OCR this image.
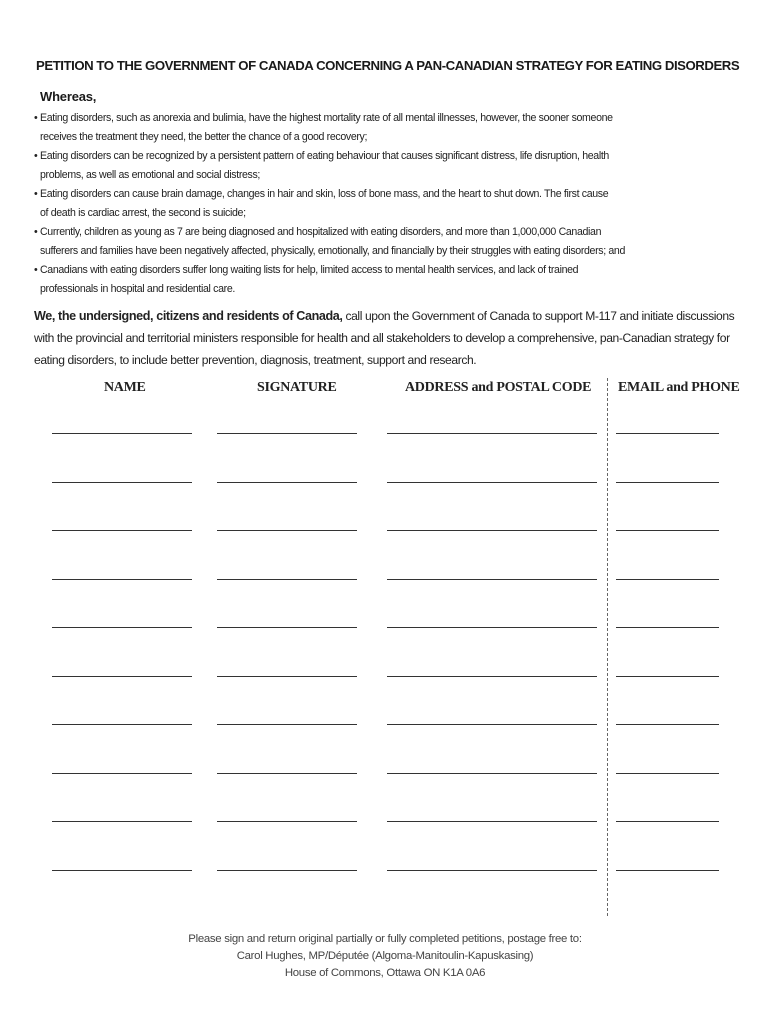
PETITION TO THE GOVERNMENT OF CANADA CONCERNING A PAN-CANADIAN STRATEGY FOR EATING DISORDERS
Whereas,
• Eating disorders, such as anorexia and bulimia, have the highest mortality rate of all mental illnesses, however, the sooner someone
receives the treatment they need, the better the chance of a good recovery;
• Eating disorders can be recognized by a persistent pattern of eating behaviour that causes significant distress, life disruption, health
problems, as well as emotional and social distress;
• Eating disorders can cause brain damage, changes in hair and skin, loss of bone mass, and the heart to shut down. The first cause
of death is cardiac arrest, the second is suicide;
• Currently, children as young as 7 are being diagnosed and hospitalized with eating disorders, and more than 1,000,000 Canadian
sufferers and families have been negatively affected, physically, emotionally, and financially by their struggles with eating disorders; and
• Canadians with eating disorders suffer long waiting lists for help, limited access to mental health services, and lack of trained
professionals in hospital and residential care.
We, the undersigned, citizens and residents of Canada, call upon the Government of Canada to support M-117 and initiate discussions with the provincial and territorial ministers responsible for health and all stakeholders to develop a comprehensive, pan-Canadian strategy for eating disorders, to include better prevention, diagnosis, treatment, support and research.
NAME	SIGNATURE	ADDRESS and POSTAL CODE EMAIL and PHONE
Please sign and return original partially or fully completed petitions, postage free to:
Carol Hughes, MP/Députée (Algoma-Manitoulin-Kapuskasing)
House of Commons, Ottawa ON K1A 0A6
